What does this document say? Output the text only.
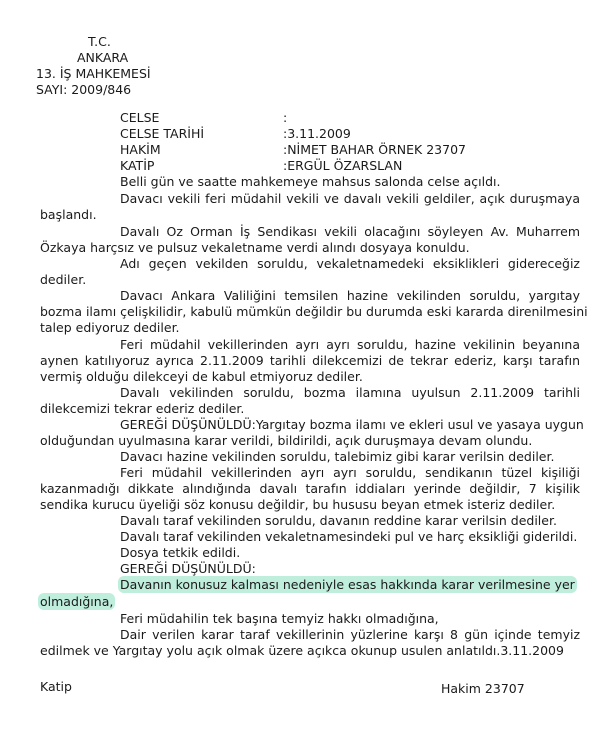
T.C.
ANKARA
13. İŞ MAHKEMESİ
SAYI: 2009/846
CELSE	:
CELSE TARİHİ	:3.11.2009
HAKİM	:NİMET BAHAR ÖRNEK 23707
KATİP	:ERGÜL ÖZARSLAN
Belli gün ve saatte mahkemeye mahsus salonda celse açıldı.
Davacı vekili feri müdahil vekili ve davalı vekili geldiler, açık duruşmaya
başlandı.
Davalı Oz Orman İş Sendikası vekili olacağını söyleyen Av. Muharrem
Özkaya harçsız ve pulsuz vekaletname verdi alındı dosyaya konuldu.
Adı geçen vekilden soruldu, vekaletnamedeki eksiklikleri gidereceğiz
dediler.
Davacı Ankara Valiliğini temsilen hazine vekilinden soruldu, yargıtay
bozma ilamı çelişkilidir, kabulü mümkün değildir bu durumda eski kararda direnilmesini
talep ediyoruz dediler.
Feri müdahil vekillerinden ayrı ayrı soruldu, hazine vekilinin beyanına
aynen katılıyoruz ayrıca 2.11.2009 tarihli dilekcemizi de tekrar ederiz, karşı tarafın
vermiş olduğu dilekceyi de kabul etmiyoruz dediler.
Davalı vekilinden soruldu, bozma ilamına uyulsun 2.11.2009 tarihli
dilekcemizi tekrar ederiz dediler.
GEREĞİ DÜŞÜNÜLDÜ:Yargıtay bozma ilamı ve ekleri usul ve yasaya uygun
olduğundan uyulmasına karar verildi, bildirildi, açık duruşmaya devam olundu.
Davacı hazine vekilinden soruldu, talebimiz gibi karar verilsin dediler.
Feri müdahil vekillerinden ayrı ayrı soruldu, sendikanın tüzel kişiliği
kazanmadığı dikkate alındığında davalı tarafın iddiaları yerinde değildir, 7 kişilik
sendika kurucu üyeliği söz konusu değildir, bu hususu beyan etmek isteriz dediler.
Davalı taraf vekilinden soruldu, davanın reddine karar verilsin dediler.
Davalı taraf vekilinden vekaletnamesindeki pul ve harç eksikliği giderildi.
Dosya tetkik edildi.
GEREĞİ DÜŞÜNÜLDÜ:
Davanın konusuz kalması nedeniyle esas hakkında karar verilmesine yer
olmadığına,
Feri müdahilin tek başına temyiz hakkı olmadığına,
Dair verilen karar taraf vekillerinin yüzlerine karşı 8 gün içinde temyiz
edilmek ve Yargıtay yolu açık olmak üzere açıkca okunup usulen anlatıldı.3.11.2009
Katip	Hakim 23707
